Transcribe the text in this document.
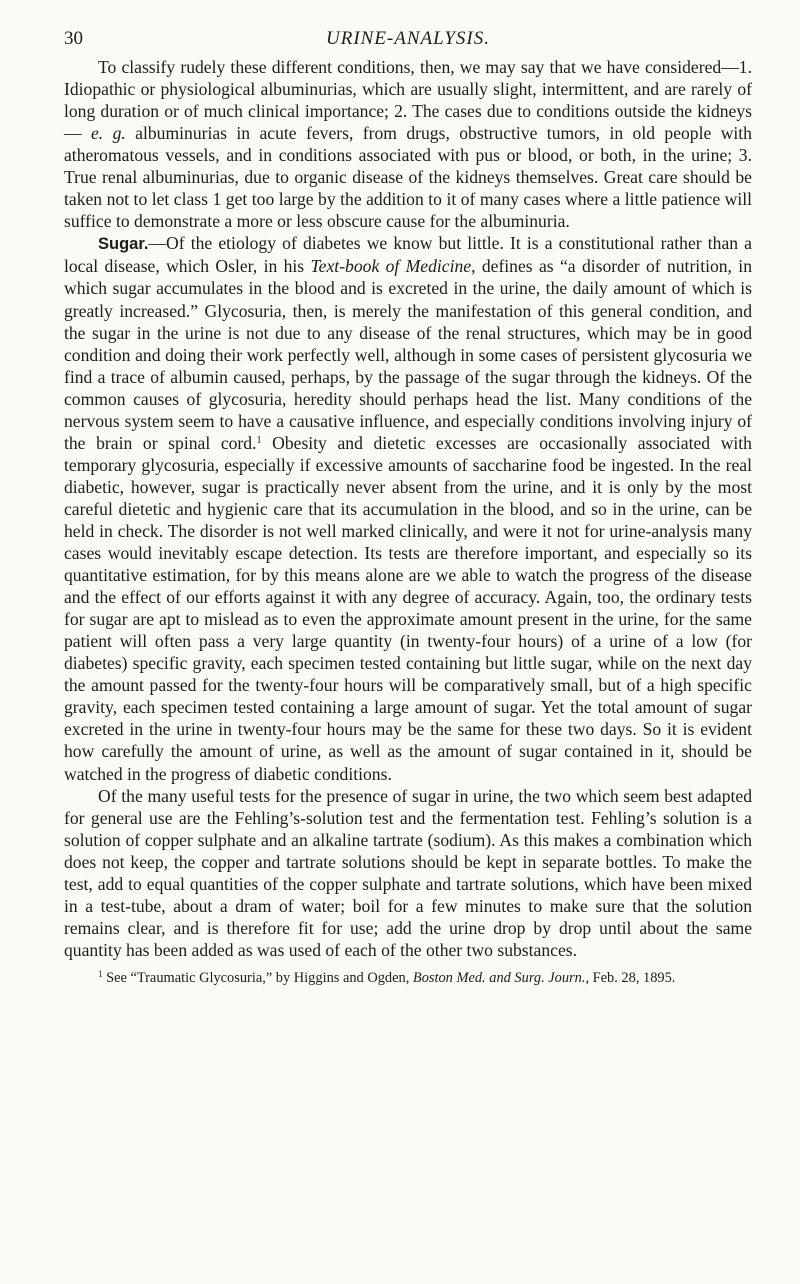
30	URINE-ANALYSIS.

To classify rudely these different conditions, then, we may say that we have considered—1. Idiopathic or physiological albuminurias, which are usually slight, intermittent, and are rarely of long duration or of much clinical importance; 2. The cases due to conditions outside the kidneys— e. g. albuminurias in acute fevers, from drugs, obstructive tumors, in old people with atheromatous vessels, and in conditions associated with pus or blood, or both, in the urine; 3. True renal albuminurias, due to organic disease of the kidneys themselves. Great care should be taken not to let class 1 get too large by the addition to it of many cases where a little patience will suffice to demonstrate a more or less obscure cause for the albuminuria.

Sugar.—Of the etiology of diabetes we know but little. It is a constitutional rather than a local disease, which Osler, in his Text-book of Medicine, defines as “a disorder of nutrition, in which sugar accumulates in the blood and is excreted in the urine, the daily amount of which is greatly increased.” Glycosuria, then, is merely the manifestation of this general condition, and the sugar in the urine is not due to any disease of the renal structures, which may be in good condition and doing their work perfectly well, although in some cases of persistent glycosuria we find a trace of albumin caused, perhaps, by the passage of the sugar through the kidneys. Of the common causes of glycosuria, heredity should perhaps head the list. Many conditions of the nervous system seem to have a causative influence, and especially conditions involving injury of the brain or spinal cord.$^1$ Obesity and dietetic excesses are occasionally associated with temporary glycosuria, especially if excessive amounts of saccharine food be ingested. In the real diabetic, however, sugar is practically never absent from the urine, and it is only by the most careful dietetic and hygienic care that its accumulation in the blood, and so in the urine, can be held in check. The disorder is not well marked clinically, and were it not for urine-analysis many cases would inevitably escape detection. Its tests are therefore important, and especially so its quantitative estimation, for by this means alone are we able to watch the progress of the disease and the effect of our efforts against it with any degree of accuracy. Again, too, the ordinary tests for sugar are apt to mislead as to even the approximate amount present in the urine, for the same patient will often pass a very large quantity (in twenty-four hours) of a urine of a low (for diabetes) specific gravity, each specimen tested containing but little sugar, while on the next day the amount passed for the twenty-four hours will be comparatively small, but of a high specific gravity, each specimen tested containing a large amount of sugar. Yet the total amount of sugar excreted in the urine in twenty-four hours may be the same for these two days. So it is evident how carefully the amount of urine, as well as the amount of sugar contained in it, should be watched in the progress of diabetic conditions.

Of the many useful tests for the presence of sugar in urine, the two which seem best adapted for general use are the Fehling’s-solution test and the fermentation test. Fehling’s solution is a solution of copper sulphate and an alkaline tartrate (sodium). As this makes a combination which does not keep, the copper and tartrate solutions should be kept in separate bottles. To make the test, add to equal quantities of the copper sulphate and tartrate solutions, which have been mixed in a test-tube, about a dram of water; boil for a few minutes to make sure that the solution remains clear, and is therefore fit for use; add the urine drop by drop until about the same quantity has been added as was used of each of the other two substances.

$^1$ See “Traumatic Glycosuria,” by Higgins and Ogden, Boston Med. and Surg. Journ., Feb. 28, 1895.
